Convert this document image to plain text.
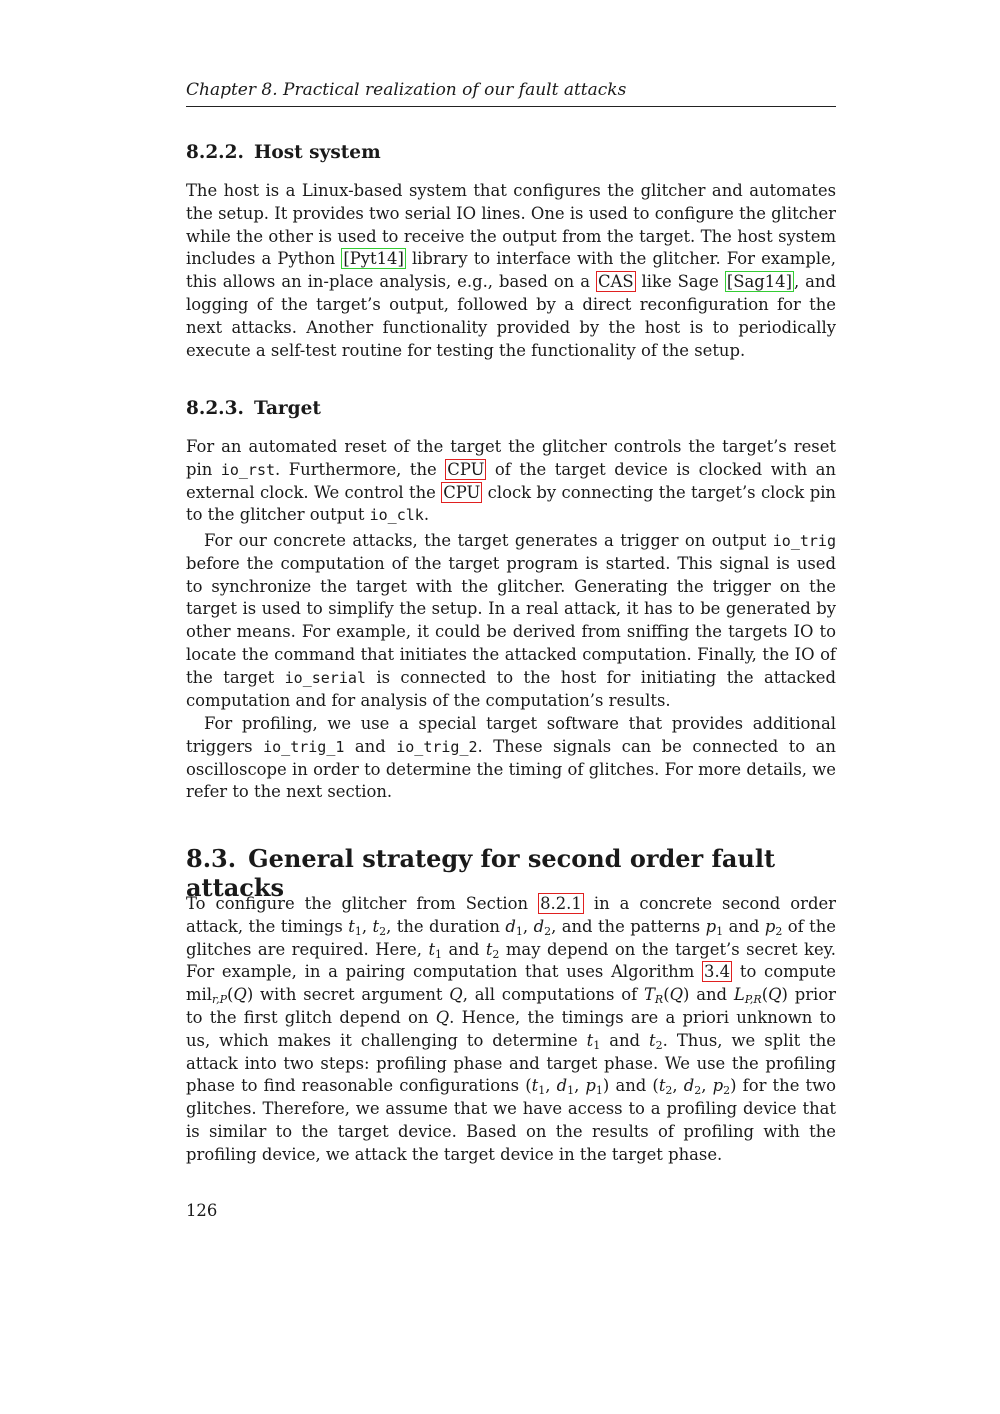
Chapter 8. Practical realization of our fault attacks
8.2.2. Host system

The host is a Linux-based system that configures the glitcher and automates the setup. It provides two serial IO lines. One is used to configure the glitcher while the other is used to receive the output from the target. The host system includes a Python [Pyt14] library to interface with the glitcher. For example, this allows an in-place analysis, e.g., based on a CAS like Sage [Sag14] , and logging of the target’s output, followed by a direct reconfiguration for the next attacks. Another functionality provided by the host is to periodically execute a self-test routine for testing the functionality of the setup.

8.2.3. Target

For an automated reset of the target the glitcher controls the target’s reset pin io_rst. Furthermore, the CPU of the target device is clocked with an external clock. We control the CPU clock by connecting the target’s clock pin to the glitcher output io_clk.

For our concrete attacks, the target generates a trigger on output io_trig before the computation of the target program is started. This signal is used to synchronize the target with the glitcher. Generating the trigger on the target is used to simplify the setup. In a real attack, it has to be generated by other means. For example, it could be derived from sniffing the targets IO to locate the command that initiates the attacked computation. Finally, the IO of the target io_serial is connected to the host for initiating the attacked computation and for analysis of the computation’s results.

For profiling, we use a special target software that provides additional triggers io_trig_1 and io_trig_2. These signals can be connected to an oscilloscope in order to determine the timing of glitches. For more details, we refer to the next section.

8.3. General strategy for second order fault attacks

To configure the glitcher from Section 8.2.1 in a concrete second order attack, the timings $t_1$, $t_2$, the duration $d_1$, $d_2$, and the patterns $p_1$ and $p_2$ of the glitches are required. Here, $t_1$ and $t_2$ may depend on the target’s secret key. For example, in a pairing computation that uses Algorithm 3.4 to compute mil$_{r,P}$(Q) with secret argument Q, all computations of $T_R(Q)$ and $L_{P,R}(Q)$ prior to the first glitch depend on Q. Hence, the timings are a priori unknown to us, which makes it challenging to determine $t_1$ and $t_2$. Thus, we split the attack into two steps: profiling phase and target phase. We use the profiling phase to find reasonable configurations ($t_1$, $d_1$, $p_1$) and ($t_2$, $d_2$, $p_2$) for the two glitches. Therefore, we assume that we have access to a profiling device that is similar to the target device. Based on the results of profiling with the profiling device, we attack the target device in the target phase.

126
